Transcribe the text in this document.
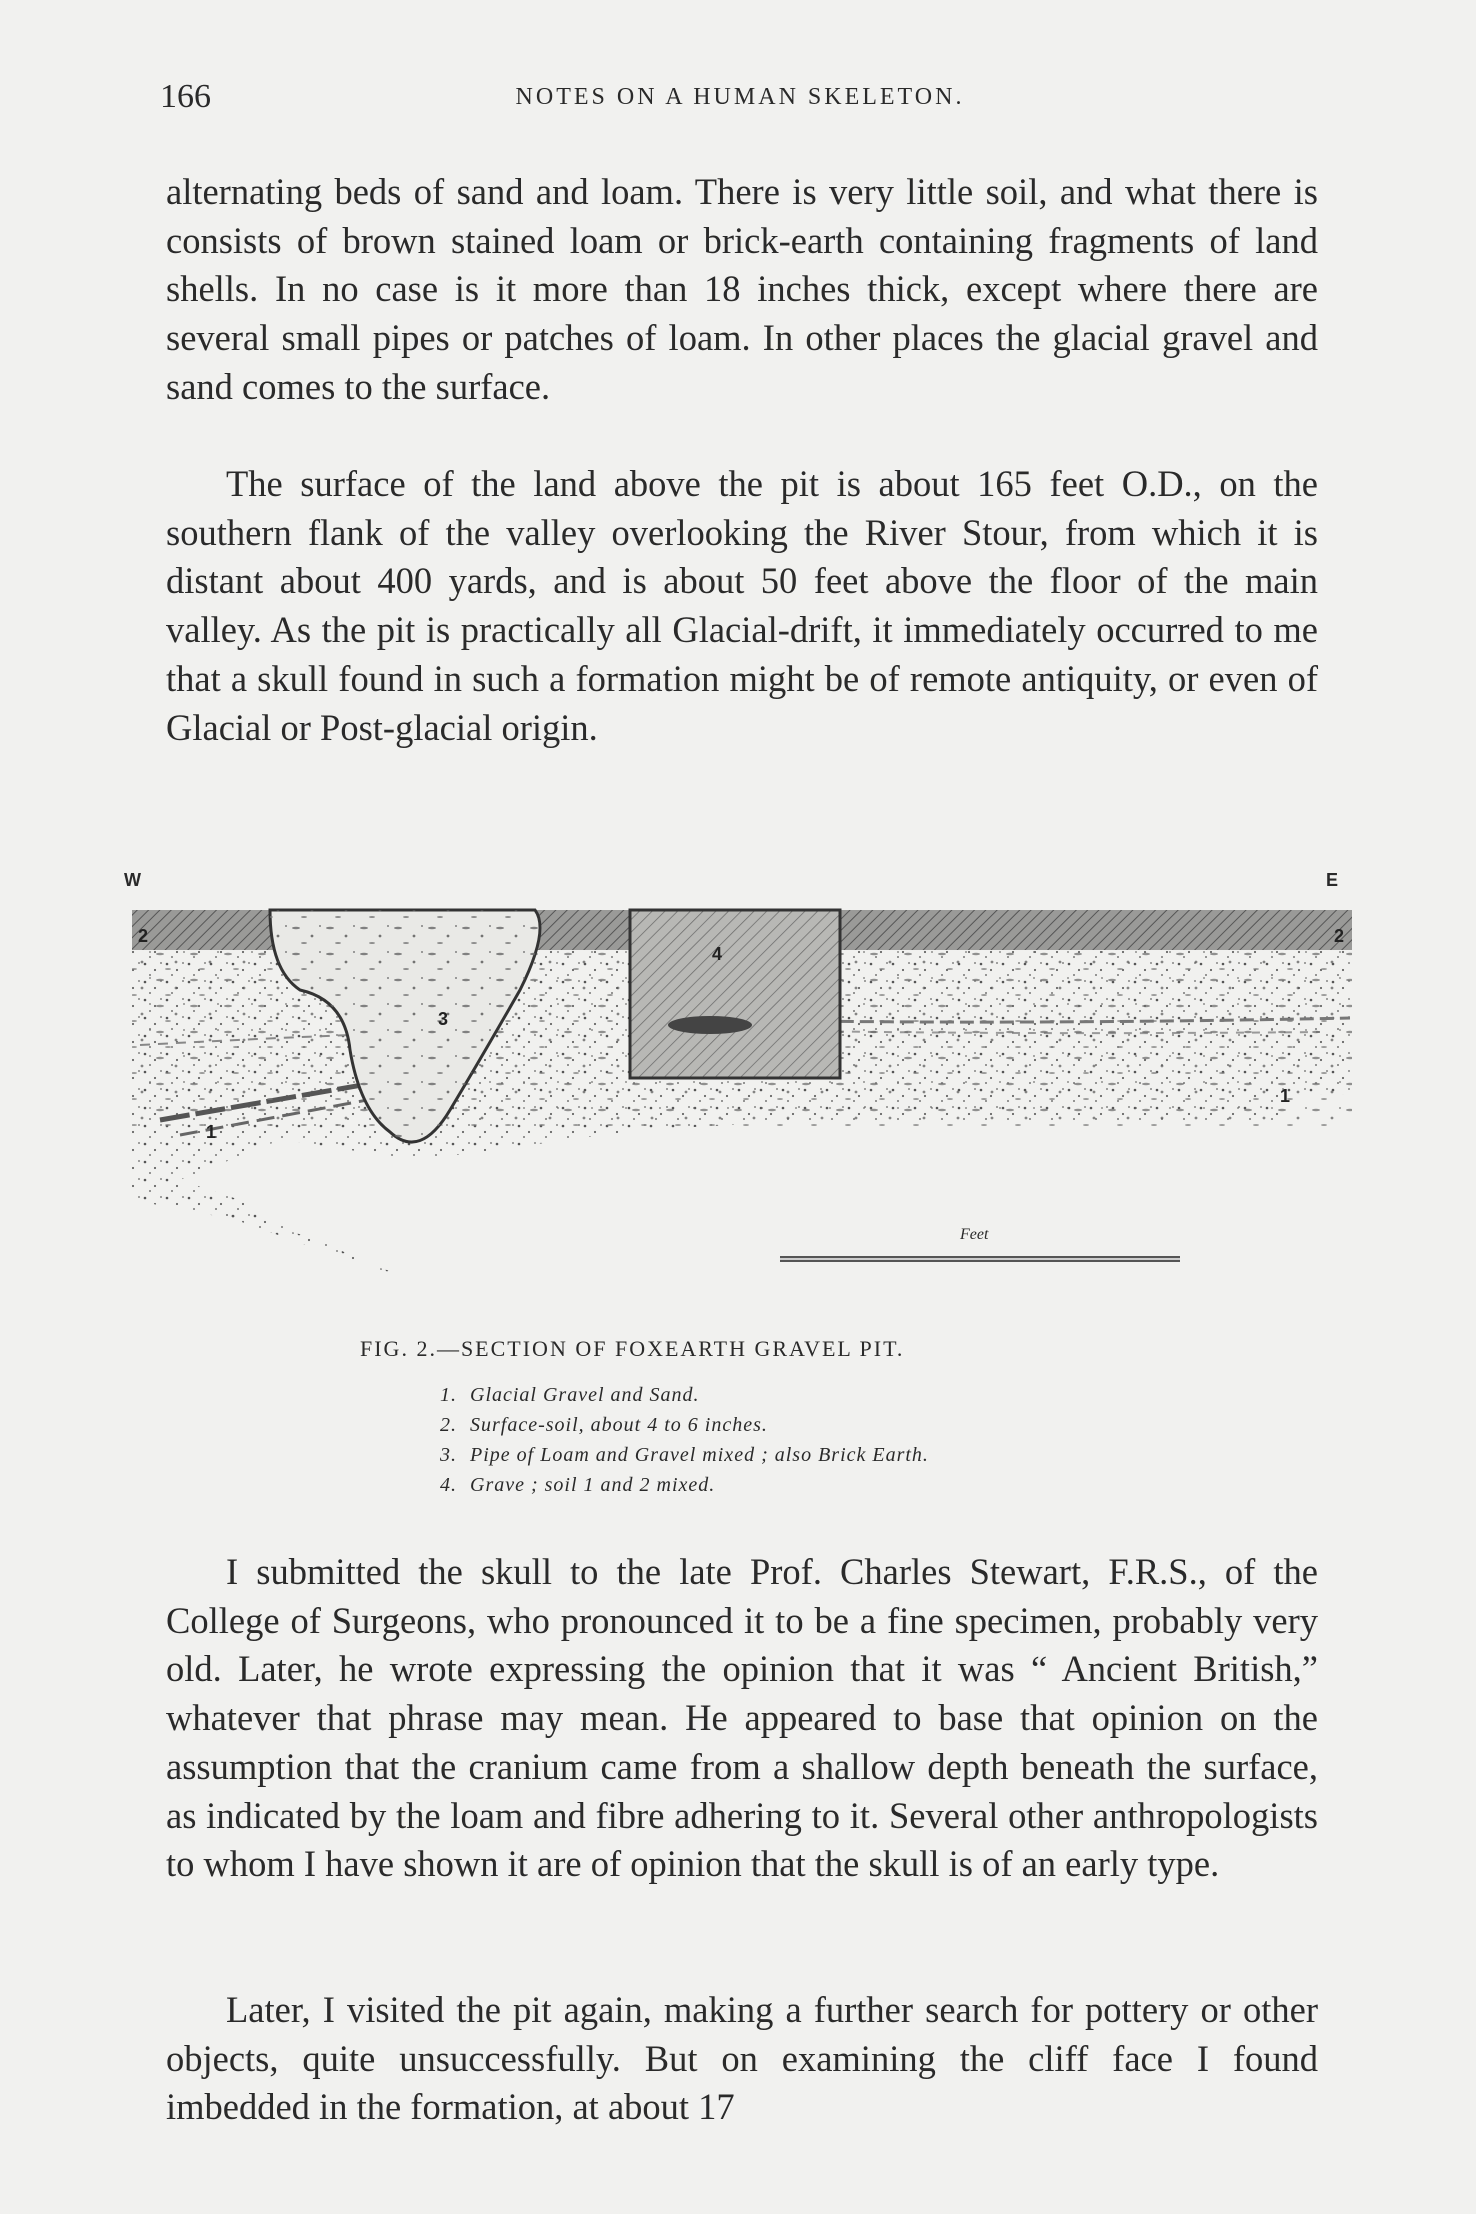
166	NOTES ON A HUMAN SKELETON.

alternating beds of sand and loam. There is very little soil, and what there is consists of brown stained loam or brick-earth containing fragments of land shells. In no case is it more than 18 inches thick, except where there are several small pipes or patches of loam. In other places the glacial gravel and sand comes to the surface.

The surface of the land above the pit is about 165 feet O.D., on the southern flank of the valley overlooking the River Stour, from which it is distant about 400 yards, and is about 50 feet above the floor of the main valley. As the pit is practically all Glacial-drift, it immediately occurred to me that a skull found in such a formation might be of remote antiquity, or even of Glacial or Post-glacial origin.

W	E
2	2
3
4
1
1
Feet
FIG. 2.—SECTION OF FOXEARTH GRAVEL PIT.
1. Glacial Gravel and Sand.
2. Surface-soil, about 4 to 6 inches.
3. Pipe of Loam and Gravel mixed ; also Brick Earth.
4. Grave ; soil 1 and 2 mixed.

I submitted the skull to the late Prof. Charles Stewart, F.R.S., of the College of Surgeons, who pronounced it to be a fine specimen, probably very old. Later, he wrote expressing the opinion that it was “ Ancient British,” whatever that phrase may mean. He appeared to base that opinion on the assumption that the cranium came from a shallow depth beneath the surface, as indicated by the loam and fibre adhering to it. Several other anthropologists to whom I have shown it are of opinion that the skull is of an early type.

Later, I visited the pit again, making a further search for pottery or other objects, quite unsuccessfully. But on examining the cliff face I found imbedded in the formation, at about 17
